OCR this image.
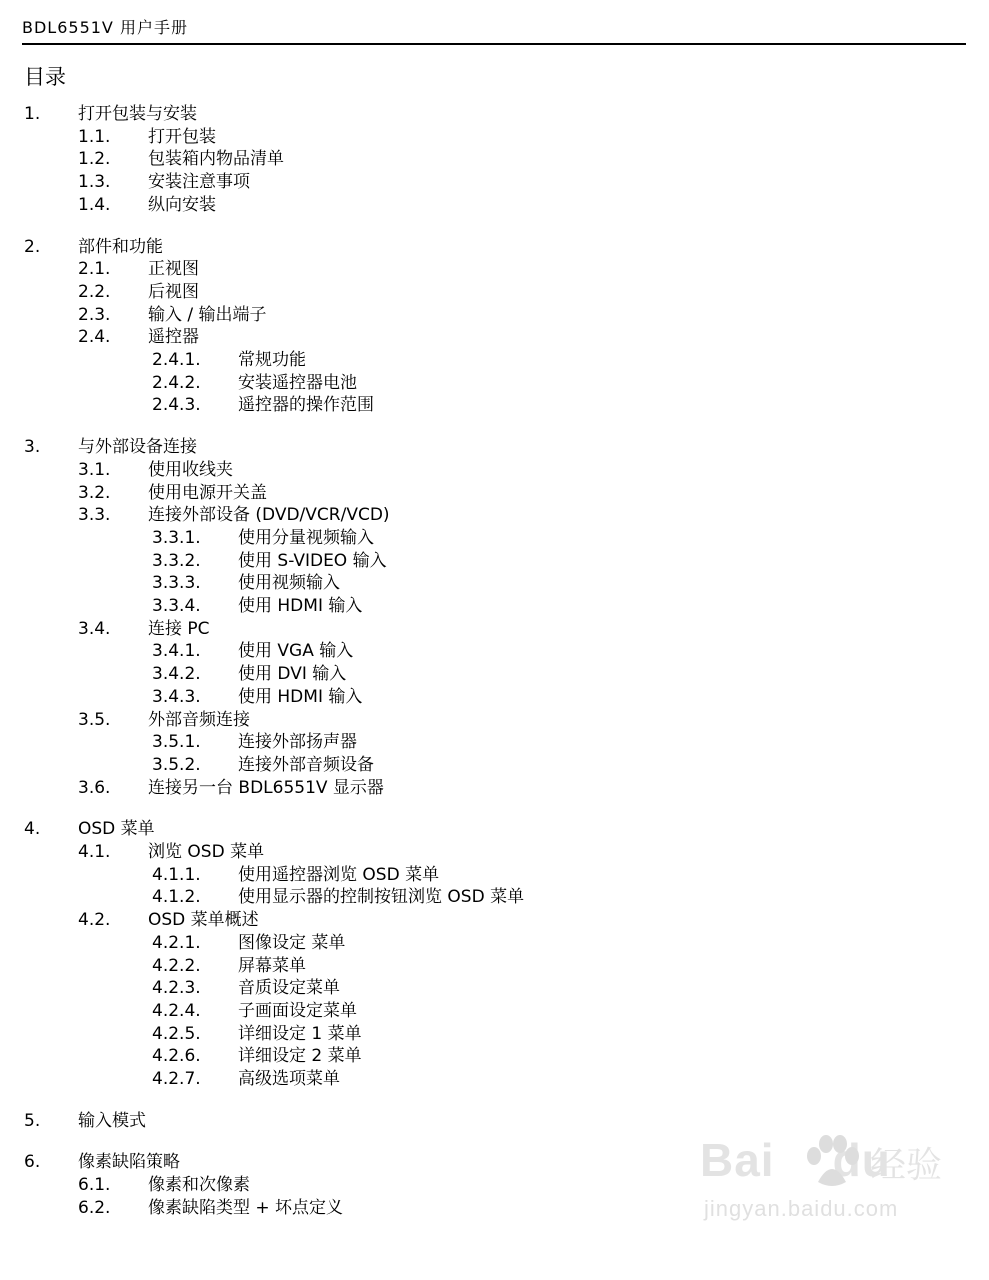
BDL6551V 用户手册
目录
1. 打开包装与安装
1.1. 打开包装
1.2. 包装箱内物品清单
1.3. 安装注意事项
1.4. 纵向安装
2. 部件和功能
2.1. 正视图
2.2. 后视图
2.3. 输入 / 输出端子
2.4. 遥控器
2.4.1. 常规功能
2.4.2. 安装遥控器电池
2.4.3. 遥控器的操作范围
3. 与外部设备连接
3.1. 使用收线夹
3.2. 使用电源开关盖
3.3. 连接外部设备 (DVD/VCR/VCD)
3.3.1. 使用分量视频输入
3.3.2. 使用 S-VIDEO 输入
3.3.3. 使用视频输入
3.3.4. 使用 HDMI 输入
3.4. 连接 PC
3.4.1. 使用 VGA 输入
3.4.2. 使用 DVI 输入
3.4.3. 使用 HDMI 输入
3.5. 外部音频连接
3.5.1. 连接外部扬声器
3.5.2. 连接外部音频设备
3.6. 连接另一台 BDL6551V 显示器
4. OSD 菜单
4.1. 浏览 OSD 菜单
4.1.1. 使用遥控器浏览 OSD 菜单
4.1.2. 使用显示器的控制按钮浏览 OSD 菜单
4.2. OSD 菜单概述
4.2.1. 图像设定 菜单
4.2.2. 屏幕菜单
4.2.3. 音质设定菜单
4.2.4. 子画面设定菜单
4.2.5. 详细设定 1 菜单
4.2.6. 详细设定 2 菜单
4.2.7. 高级选项菜单
5. 输入模式
6. 像素缺陷策略
6.1. 像素和次像素
6.2. 像素缺陷类型 + 坏点定义
Bai du
经验
jingyan.baidu.com
